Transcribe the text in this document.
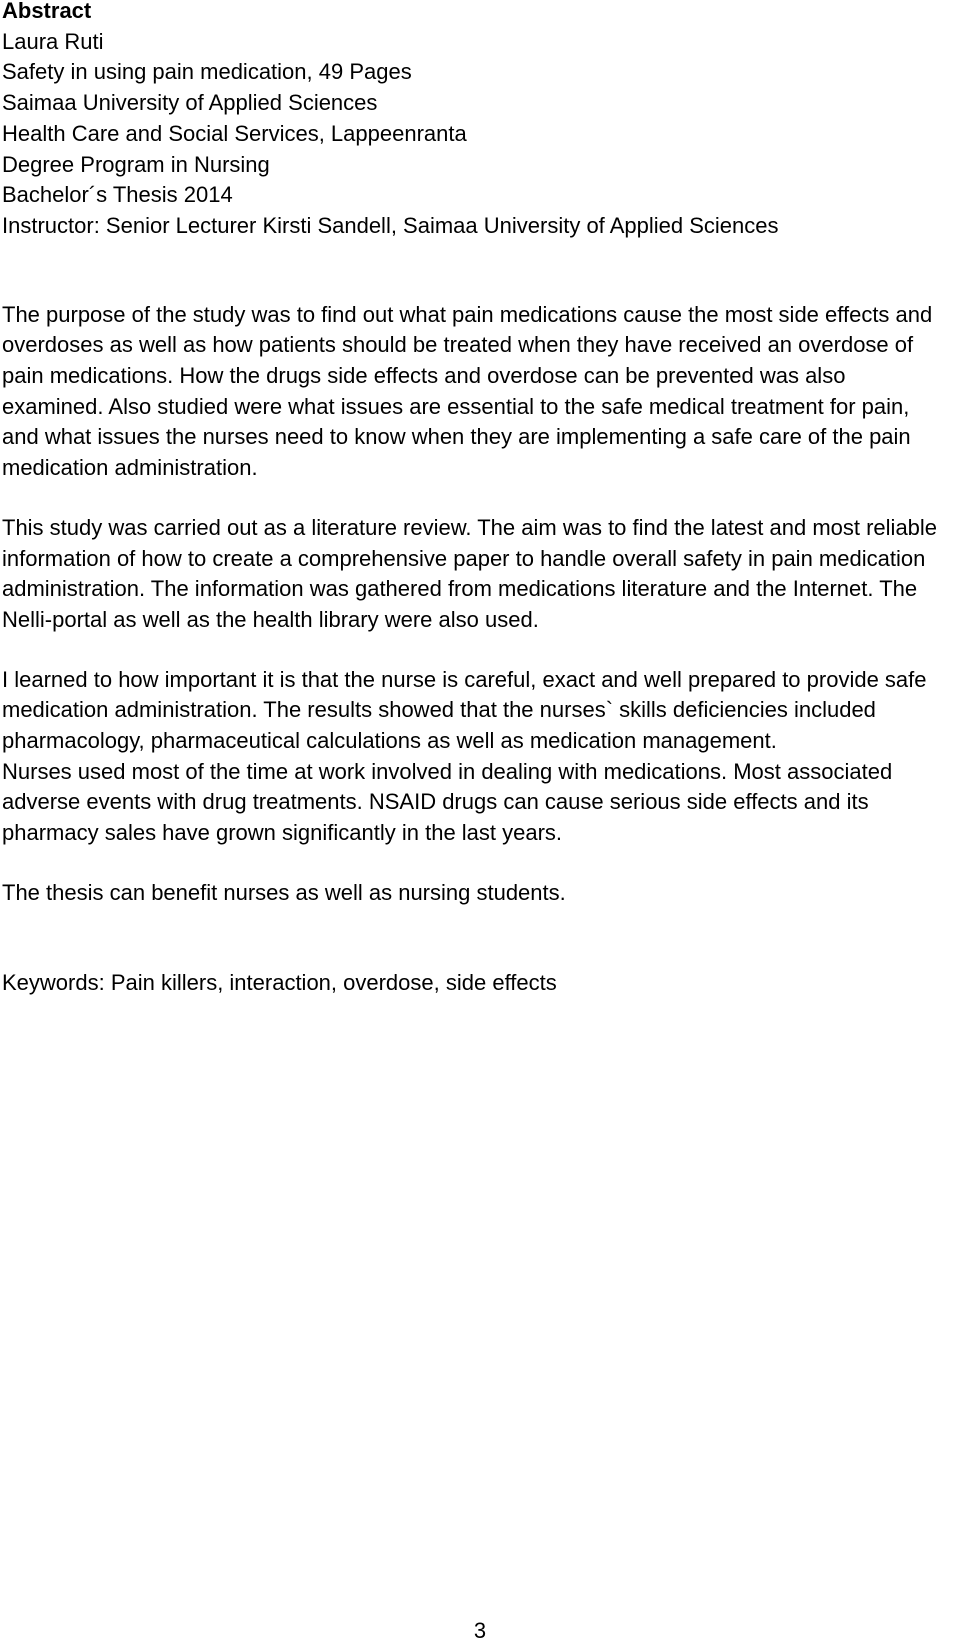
Abstract

Laura Ruti

Safety in using pain medication, 49 Pages

Saimaa University of Applied Sciences

Health Care and Social Services, Lappeenranta

Degree Program in Nursing

Bachelor´s Thesis 2014

Instructor: Senior Lecturer Kirsti Sandell, Saimaa University of Applied Sciences

The purpose of the study was to find out what pain medications cause the most side effects and overdoses as well as how patients should be treated when they have received an overdose of pain medications. How the drugs side effects and overdose can be prevented was also examined. Also studied were what issues are essential to the safe medical treatment for pain, and what issues the nurses need to know when they are implementing a safe care of the pain medication administration.

This study was carried out as a literature review. The aim was to find the latest and most reliable information of how to create a comprehensive paper to handle overall safety in pain medication administration. The information was gathered from medications literature and the Internet. The Nelli-portal as well as the health library were also used.

I learned to how important it is that the nurse is careful, exact and well prepared to provide safe medication administration. The results showed that the nurses` skills deficiencies included pharmacology, pharmaceutical calculations as well as medication management.

Nurses used most of the time at work involved in dealing with medications. Most associated adverse events with drug treatments. NSAID drugs can cause serious side effects and its pharmacy sales have grown significantly in the last years.

The thesis can benefit nurses as well as nursing students.

Keywords: Pain killers, interaction, overdose, side effects

3
